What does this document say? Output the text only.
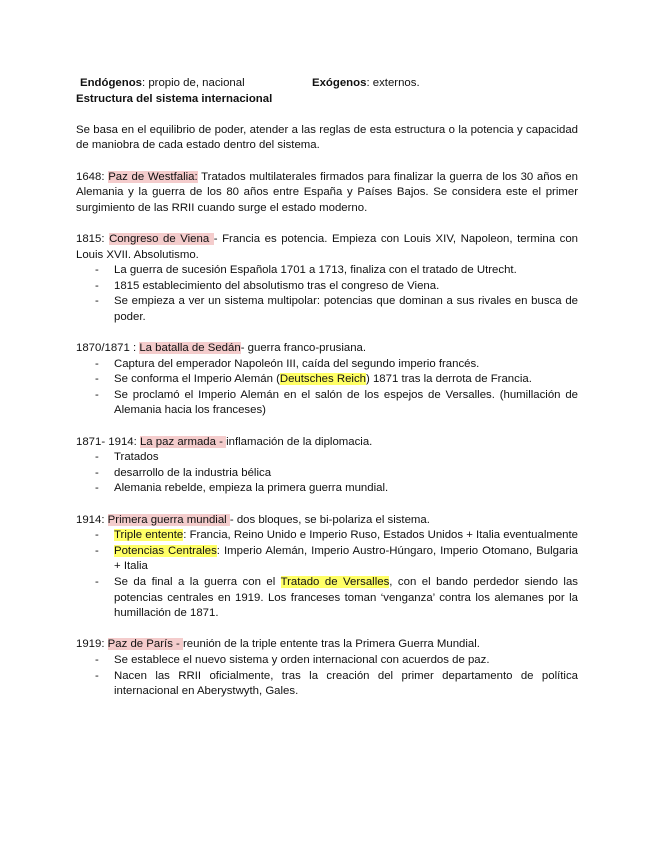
Endógenos: propio de, nacional	Exógenos: externos.
Estructura del sistema internacional

Se basa en el equilibrio de poder, atender a las reglas de esta estructura o la potencia y capacidad de maniobra de cada estado dentro del sistema.

1648: Paz de Westfalia: Tratados multilaterales firmados para finalizar la guerra de los 30 años en Alemania y la guerra de los 80 años entre España y Países Bajos. Se considera este el primer surgimiento de las RRII cuando surge el estado moderno.

1815: Congreso de Viena - Francia es potencia. Empieza con Louis XIV, Napoleon, termina con Louis XVII. Absolutismo.

- La guerra de sucesión Española 1701 a 1713, finaliza con el tratado de Utrecht.
- 1815 establecimiento del absolutismo tras el congreso de Viena.
- Se empieza a ver un sistema multipolar: potencias que dominan a sus rivales en busca de poder.

1870/1871 : La batalla de Sedán- guerra franco-prusiana.

- Captura del emperador Napoleón III, caída del segundo imperio francés.
- Se conforma el Imperio Alemán (Deutsches Reich) 1871 tras la derrota de Francia.
- Se proclamó el Imperio Alemán en el salón de los espejos de Versalles. (humillación de Alemania hacia los franceses)

1871- 1914: La paz armada - inflamación de la diplomacia.

- Tratados
- desarrollo de la industria bélica
- Alemania rebelde, empieza la primera guerra mundial.

1914: Primera guerra mundial - dos bloques, se bi-polariza el sistema.

- Triple entente: Francia, Reino Unido e Imperio Ruso, Estados Unidos + Italia eventualmente
- Potencias Centrales: Imperio Alemán, Imperio Austro-Húngaro, Imperio Otomano, Bulgaria + Italia
- Se da final a la guerra con el Tratado de Versalles, con el bando perdedor siendo las potencias centrales en 1919. Los franceses toman ‘venganza’ contra los alemanes por la humillación de 1871.

1919: Paz de París - reunión de la triple entente tras la Primera Guerra Mundial.

- Se establece el nuevo sistema y orden internacional con acuerdos de paz.
- Nacen las RRII oficialmente, tras la creación del primer departamento de política internacional en Aberystwyth, Gales.
